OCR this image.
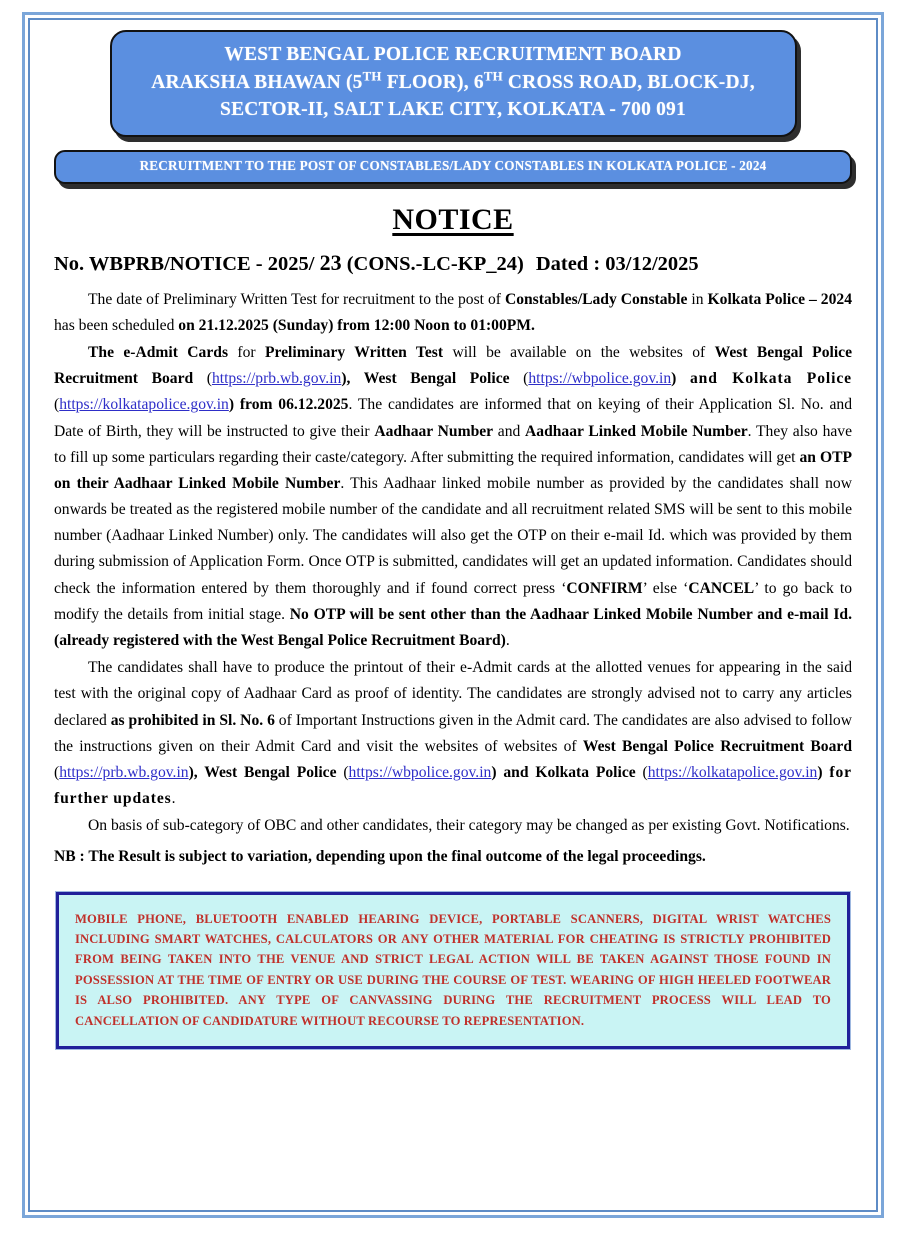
WEST BENGAL POLICE RECRUITMENT BOARD
ARAKSHA BHAWAN (5TH FLOOR), 6TH CROSS ROAD, BLOCK-DJ,
SECTOR-II, SALT LAKE CITY, KOLKATA - 700 091
RECRUITMENT TO THE POST OF CONSTABLES/LADY CONSTABLES IN KOLKATA POLICE - 2024
NOTICE
No. WBPRB/NOTICE - 2025/ 23 (CONS.-LC-KP_24) Dated : 03/12/2025

The date of Preliminary Written Test for recruitment to the post of Constables/Lady Constable in Kolkata Police – 2024 has been scheduled on 21.12.2025 (Sunday) from 12:00 Noon to 01:00PM.

The e-Admit Cards for Preliminary Written Test will be available on the websites of West Bengal Police Recruitment Board (https://prb.wb.gov.in), West Bengal Police (https://wbpolice.gov.in) and Kolkata Police (https://kolkatapolice.gov.in) from 06.12.2025. The candidates are informed that on keying of their Application Sl. No. and Date of Birth, they will be instructed to give their Aadhaar Number and Aadhaar Linked Mobile Number. They also have to fill up some particulars regarding their caste/category. After submitting the required information, candidates will get an OTP on their Aadhaar Linked Mobile Number. This Aadhaar linked mobile number as provided by the candidates shall now onwards be treated as the registered mobile number of the candidate and all recruitment related SMS will be sent to this mobile number (Aadhaar Linked Number) only. The candidates will also get the OTP on their e-mail Id. which was provided by them during submission of Application Form. Once OTP is submitted, candidates will get an updated information. Candidates should check the information entered by them thoroughly and if found correct press ‘CONFIRM’ else ‘CANCEL’ to go back to modify the details from initial stage. No OTP will be sent other than the Aadhaar Linked Mobile Number and e-mail Id. (already registered with the West Bengal Police Recruitment Board).

The candidates shall have to produce the printout of their e-Admit cards at the allotted venues for appearing in the said test with the original copy of Aadhaar Card as proof of identity. The candidates are strongly advised not to carry any articles declared as prohibited in Sl. No. 6 of Important Instructions given in the Admit card. The candidates are also advised to follow the instructions given on their Admit Card and visit the websites of websites of West Bengal Police Recruitment Board (https://prb.wb.gov.in), West Bengal Police (https://wbpolice.gov.in) and Kolkata Police (https://kolkatapolice.gov.in) for further updates.

On basis of sub-category of OBC and other candidates, their category may be changed as per existing Govt. Notifications.

NB : The Result is subject to variation, depending upon the final outcome of the legal proceedings.

MOBILE PHONE, BLUETOOTH ENABLED HEARING DEVICE, PORTABLE SCANNERS, DIGITAL WRIST WATCHES INCLUDING SMART WATCHES, CALCULATORS OR ANY OTHER MATERIAL FOR CHEATING IS STRICTLY PROHIBITED FROM BEING TAKEN INTO THE VENUE AND STRICT LEGAL ACTION WILL BE TAKEN AGAINST THOSE FOUND IN POSSESSION AT THE TIME OF ENTRY OR USE DURING THE COURSE OF TEST. WEARING OF HIGH HEELED FOOTWEAR IS ALSO PROHIBITED. ANY TYPE OF CANVASSING DURING THE RECRUITMENT PROCESS WILL LEAD TO CANCELLATION OF CANDIDATURE WITHOUT RECOURSE TO REPRESENTATION.
